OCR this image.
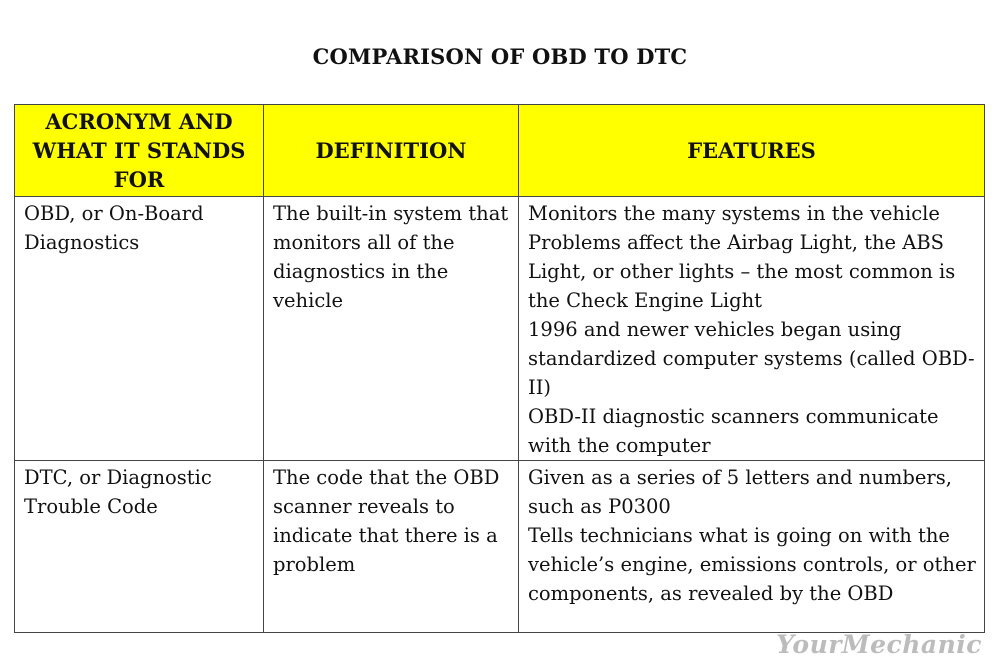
COMPARISON OF OBD TO DTC
ACRONYM AND WHAT IT STANDS FOR	DEFINITION	FEATURES
OBD, or On-Board Diagnostics	The built-in system that monitors all of the diagnostics in the vehicle	Monitors the many systems in the vehicle
Problems affect the Airbag Light, the ABS Light, or other lights – the most common is the Check Engine Light
1996 and newer vehicles began using standardized computer systems (called OBD-II)
OBD-II diagnostic scanners communicate with the computer

DTC, or Diagnostic Trouble Code	The code that the OBD scanner reveals to indicate that there is a problem	Given as a series of 5 letters and numbers, such as P0300
Tells technicians what is going on with the vehicle’s engine, emissions controls, or other components, as revealed by the OBD
YourMechanic
